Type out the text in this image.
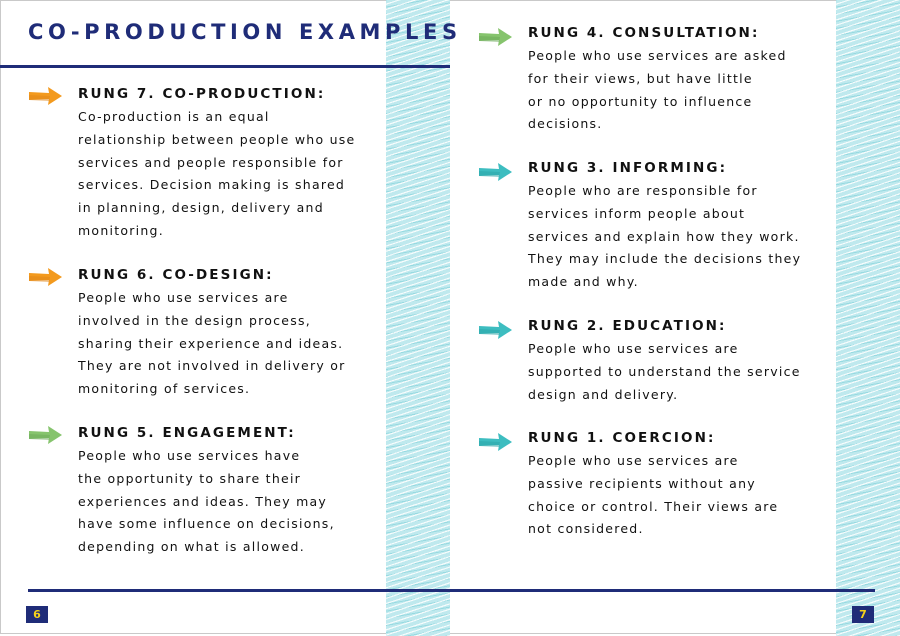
CO-PRODUCTION EXAMPLES

RUNG 7. CO-PRODUCTION:

Co-production is an equal
relationship between people who use
services and people responsible for
services. Decision making is shared
in planning, design, delivery and
monitoring.

RUNG 6. CO-DESIGN:

People who use services are
involved in the design process,
sharing their experience and ideas.
They are not involved in delivery or
monitoring of services.

RUNG 5. ENGAGEMENT:

People who use services have
the opportunity to share their
experiences and ideas. They may
have some influence on decisions,
depending on what is allowed.

RUNG 4. CONSULTATION:

People who use services are asked
for their views, but have little
or no opportunity to influence
decisions.

RUNG 3. INFORMING:

People who are responsible for
services inform people about
services and explain how they work.
They may include the decisions they
made and why.

RUNG 2. EDUCATION:

People who use services are
supported to understand the service
design and delivery.

RUNG 1. COERCION:

People who use services are
passive recipients without any
choice or control. Their views are
not considered.

6	7
